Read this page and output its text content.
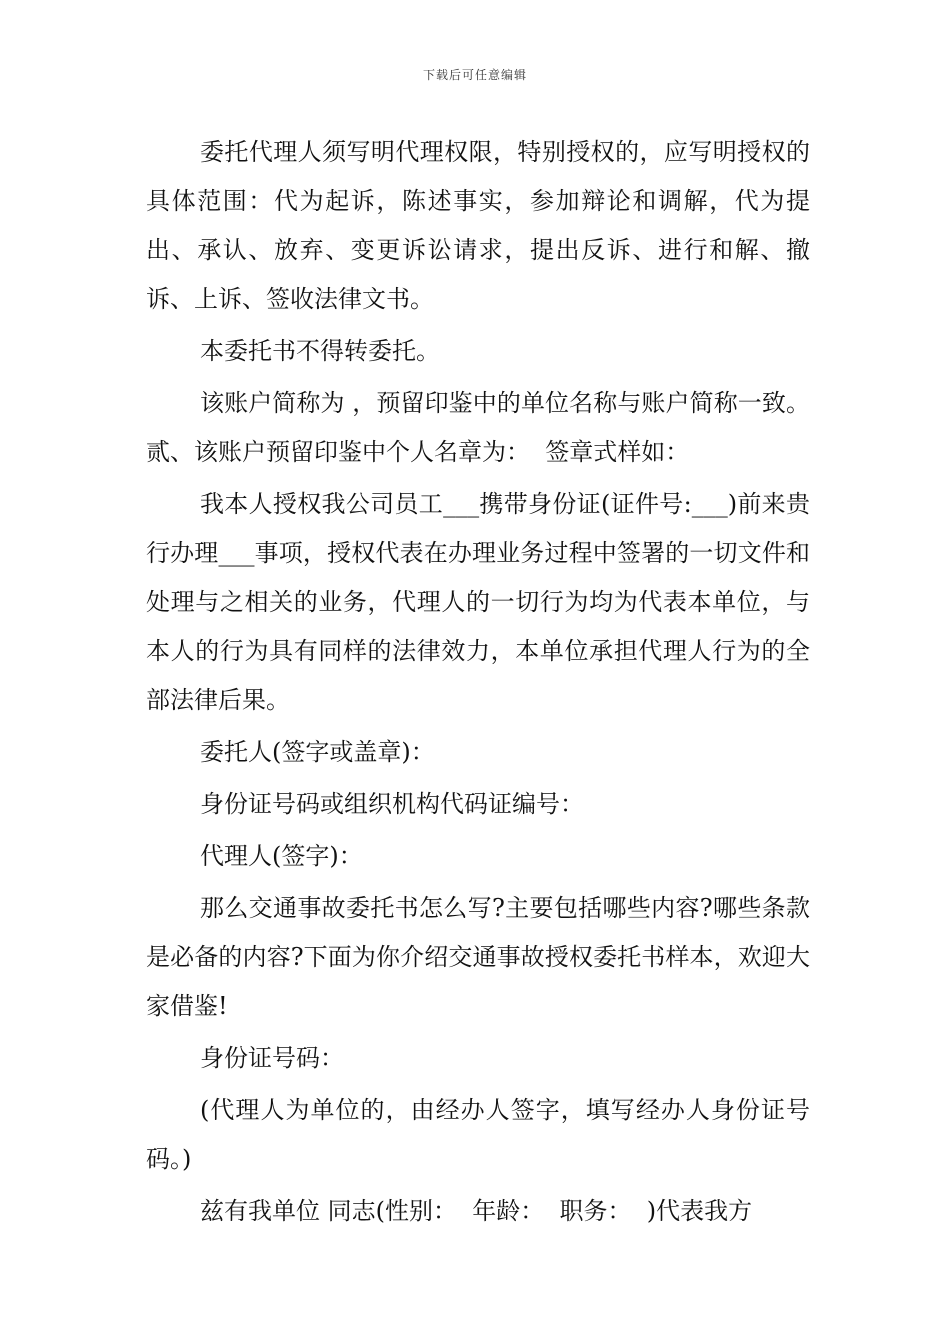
下载后可任意编辑

委托代理人须写明代理权限，特别授权的，应写明授权的具体范围：代为起诉，陈述事实，参加辩论和调解，代为提出、承认、放弃、变更诉讼请求，提出反诉、进行和解、撤诉、上诉、签收法律文书。

本委托书不得转委托。

该账户简称为 ，预留印鉴中的单位名称与账户简称一致。 贰、该账户预留印鉴中个人名章为：  签章式样如：

我本人授权我公司员工___携带身份证(证件号:___)前来贵行办理___事项，授权代表在办理业务过程中签署的一切文件和处理与之相关的业务，代理人的一切行为均为代表本单位，与本人的行为具有同样的法律效力，本单位承担代理人行为的全部法律后果。

委托人(签字或盖章)：

身份证号码或组织机构代码证编号：

代理人(签字)：

那么交通事故委托书怎么写?主要包括哪些内容?哪些条款是必备的内容?下面为你介绍交通事故授权委托书样本，欢迎大家借鉴!

身份证号码：

(代理人为单位的，由经办人签字，填写经办人身份证号码。)

兹有我单位 同志(性别：  年龄：  职务：  )代表我方
